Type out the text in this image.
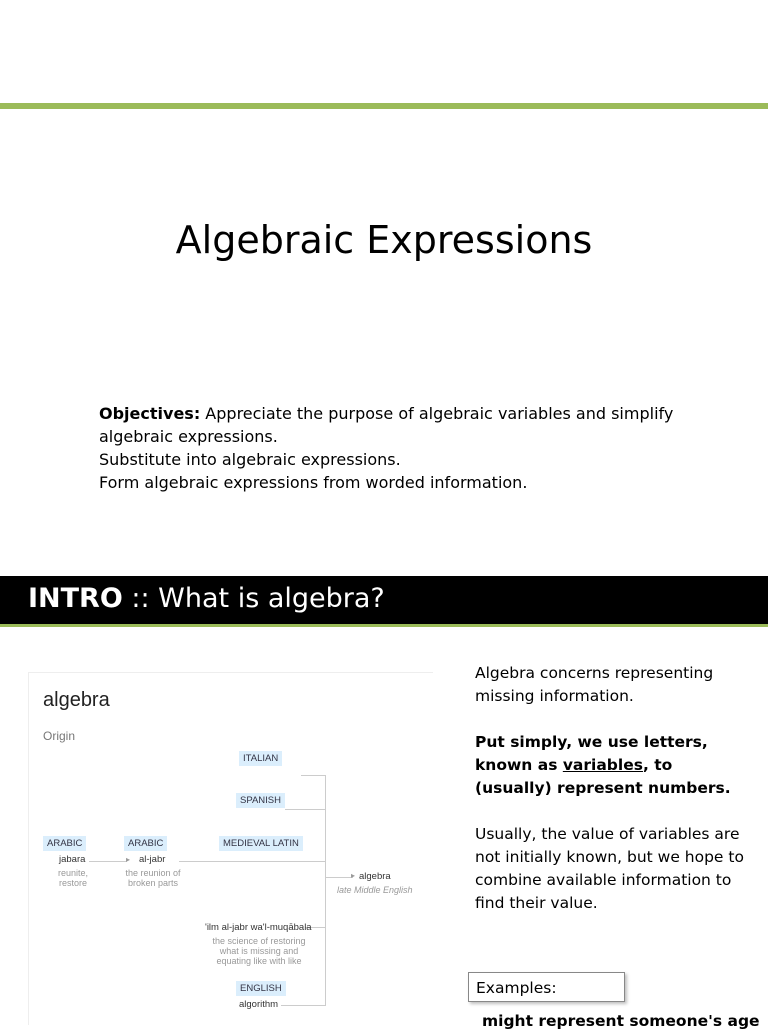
Algebraic Expressions

Objectives: Appreciate the purpose of algebraic variables and simplify algebraic expressions.

Substitute into algebraic expressions.

Form algebraic expressions from worded information.

INTRO :: What is algebra?
algebra
Origin
▸
▸
ITALIAN
SPANISH
ARABIC	ARABIC	MEDIEVAL LATIN
ENGLISH
jabara
reunite,
restore
al-jabr
the reunion of
broken parts
algebra
late Middle English
'ilm al-jabr wa'l-muqābala
the science of restoring
what is missing and
equating like with like
algorithm

Algebra concerns representing missing information.

Put simply, we use letters, known as variables, to (usually) represent numbers.

Usually, the value of variables are not initially known, but we hope to combine available information to find their value.

Examples:
might represent someone's age
